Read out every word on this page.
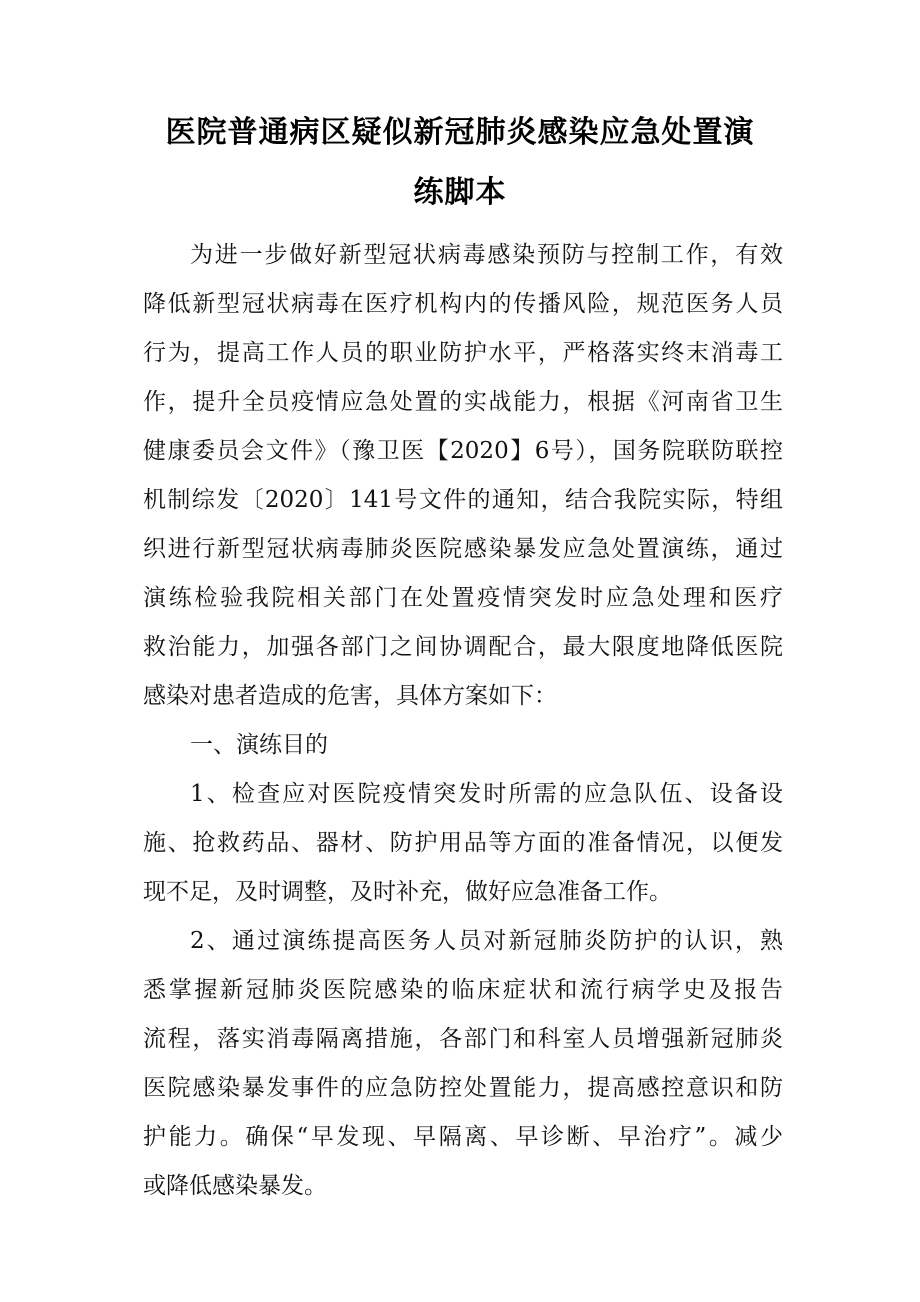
医院普通病区疑似新冠肺炎感染应急处置演
练脚本
为进一步做好新型冠状病毒感染预防与控制工作，有效
降低新型冠状病毒在医疗机构内的传播风险，规范医务人员
行为，提高工作人员的职业防护水平，严格落实终末消毒工
作，提升全员疫情应急处置的实战能力，根据《河南省卫生
健康委员会文件》（豫卫医【2020】6号），国务院联防联控
机制综发〔2020〕141号文件的通知，结合我院实际，特组
织进行新型冠状病毒肺炎医院感染暴发应急处置演练，通过
演练检验我院相关部门在处置疫情突发时应急处理和医疗
救治能力，加强各部门之间协调配合，最大限度地降低医院
感染对患者造成的危害，具体方案如下：
一、演练目的
1、检查应对医院疫情突发时所需的应急队伍、设备设
施、抢救药品、器材、防护用品等方面的准备情况，以便发
现不足，及时调整，及时补充，做好应急准备工作。
2、通过演练提高医务人员对新冠肺炎防护的认识，熟
悉掌握新冠肺炎医院感染的临床症状和流行病学史及报告
流程，落实消毒隔离措施，各部门和科室人员增强新冠肺炎
医院感染暴发事件的应急防控处置能力，提高感控意识和防
护能力。确保“早发现、早隔离、早诊断、早治疗”。减少
或降低感染暴发。
